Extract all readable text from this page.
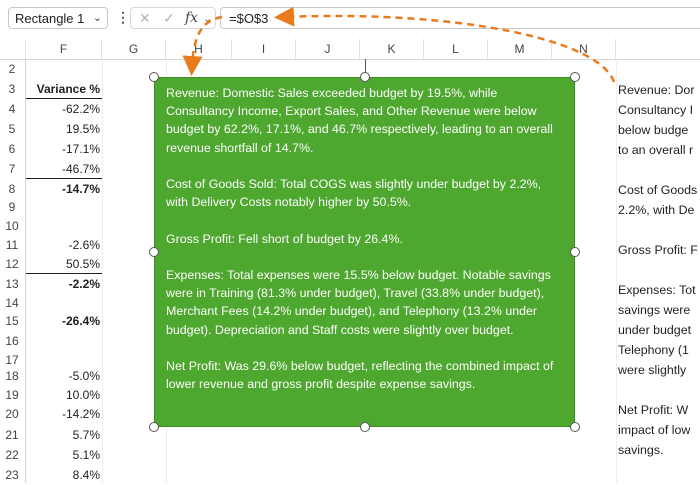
Rectangle 1 ⌄ ⋮ ✕ ✓ fx ⌄ =$O$3
F	G	H	I	J	K	L	M	N
2
3	Variance %
4	-62.2%
5	19.5%
6	-17.1%
7	-46.7%
8	-14.7%
9
10
11	-2.6%
12	50.5%
13	-2.2%
14
15	-26.4%
16
17
18	-5.0%
19	10.0%
20	-14.2%
21	5.7%
22	5.1%
23	8.4%

Revenue: Dor
Consultancy I
below budge
to an overall r

Cost of Goods
2.2%, with De

Gross Profit: F

Expenses: Tot
savings were
under budget
Telephony (1
were slightly

Net Profit: W
impact of low
savings.

Revenue: Domestic Sales exceeded budget by 19.5%, while Consultancy Income, Export Sales, and Other Revenue were below budget by 62.2%, 17.1%, and 46.7% respectively, leading to an overall revenue shortfall of 14.7%.

Cost of Goods Sold: Total COGS was slightly under budget by 2.2%, with Delivery Costs notably higher by 50.5%.

Gross Profit: Fell short of budget by 26.4%.

Expenses: Total expenses were 15.5% below budget. Notable savings were in Training (81.3% under budget), Travel (33.8% under budget), Merchant Fees (14.2% under budget), and Telephony (13.2% under budget). Depreciation and Staff costs were slightly over budget.

Net Profit: Was 29.6% below budget, reflecting the combined impact of lower revenue and gross profit despite expense savings.
